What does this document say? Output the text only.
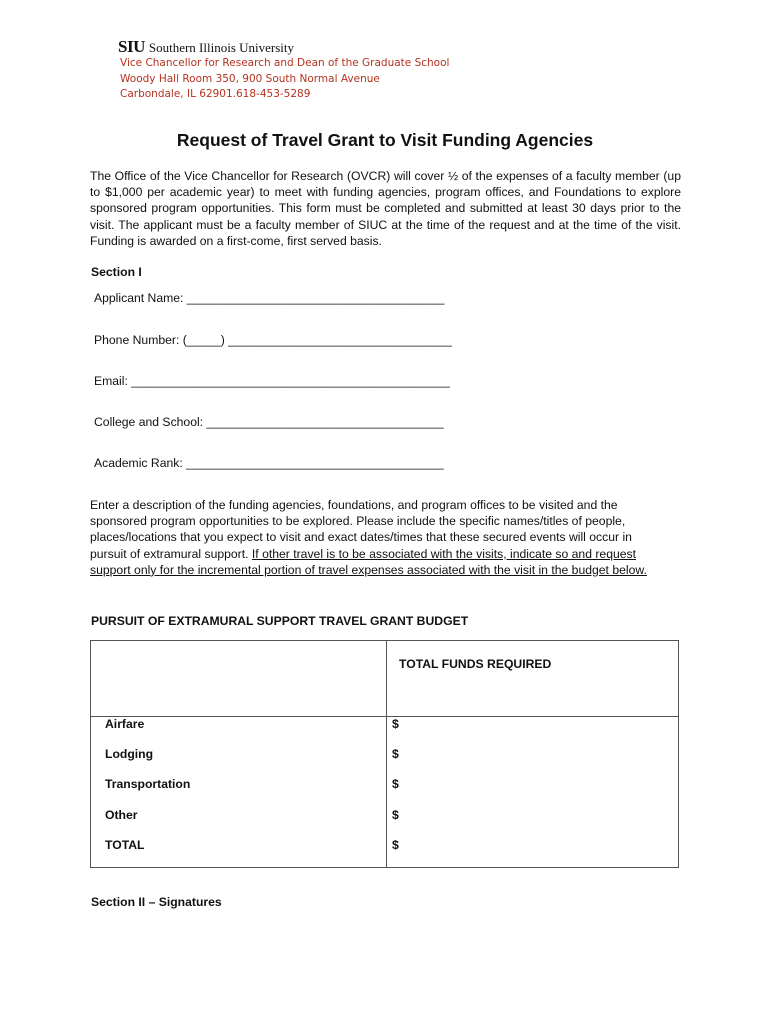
SIU Southern Illinois University
Vice Chancellor for Research and Dean of the Graduate School
Woody Hall Room 350, 900 South Normal Avenue
Carbondale, IL 62901.618-453-5289
Request of Travel Grant to Visit Funding Agencies
The Office of the Vice Chancellor for Research (OVCR) will cover ½ of the expenses of a faculty member (up to $1,000 per academic year) to meet with funding agencies, program offices, and Foundations to explore sponsored program opportunities. This form must be completed and submitted at least 30 days prior to the visit. The applicant must be a faculty member of SIUC at the time of the request and at the time of the visit. Funding is awarded on a first-come, first served basis.
Section I
Applicant Name: ______________________________________
Phone Number: (_____) _________________________________
Email: _______________________________________________
College and School: ___________________________________
Academic Rank: ______________________________________
Enter a description of the funding agencies, foundations, and program offices to be visited and the sponsored program opportunities to be explored. Please include the specific names/titles of people, places/locations that you expect to visit and exact dates/times that these secured events will occur in pursuit of extramural support. If other travel is to be associated with the visits, indicate so and request support only for the incremental portion of travel expenses associated with the visit in the budget below.
PURSUIT OF EXTRAMURAL SUPPORT TRAVEL GRANT BUDGET
TOTAL FUNDS REQUIRED
Airfare	$
Lodging	$
Transportation	$
Other	$
TOTAL	$
Section II – Signatures
